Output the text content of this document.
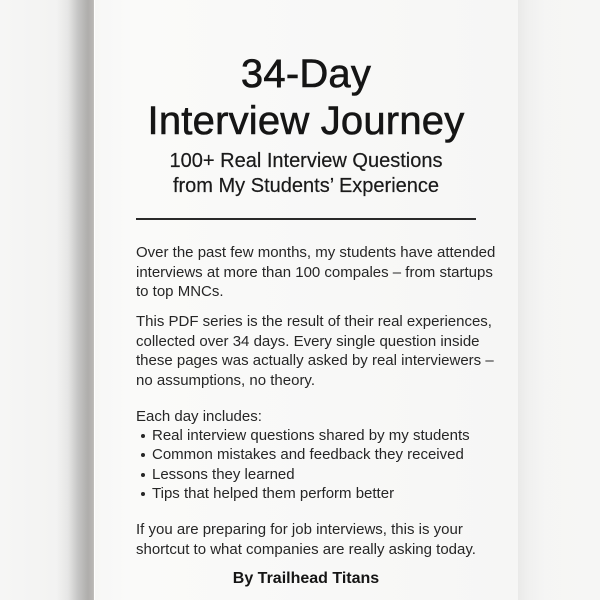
34-Day
Interview Journey
100+ Real Interview Questions
from My Students’ Experience

Over the past few months, my students have attended interviews at more than 100 compales – from startups to top MNCs.

This PDF series is the result of their real experiences, collected over 34 days. Every single question inside these pages was actually asked by real interviewers – no assumptions, no theory.

Each day includes:

Real interview questions shared by my students
Common mistakes and feedback they received
Lessons they learned
Tips that helped them perform better

If you are preparing for job interviews, this is your shortcut to what companies are really asking today.

By Trailhead Titans
